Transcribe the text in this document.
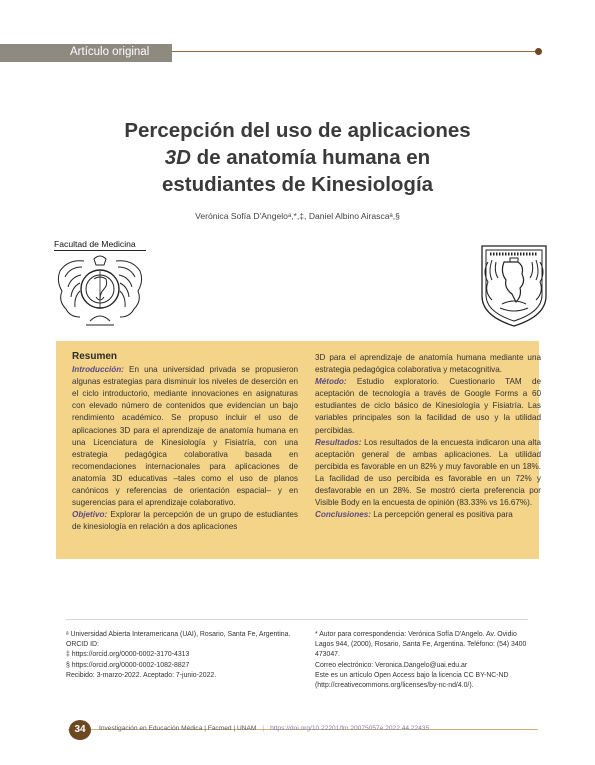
Artículo original
Percepción del uso de aplicaciones
3D de anatomía humana en
estudiantes de Kinesiología
Verónica Sofía D'Angeloᵃ,*,‡, Daniel Albino Airascaᵃ,§
Facultad de Medicina
Resumen

Introducción: En una universidad privada se propusieron algunas estrategias para disminuir los niveles de deserción en el ciclo introductorio, mediante innovaciones en asignaturas con elevado número de contenidos que evidencian un bajo rendimiento académico. Se propuso incluir el uso de aplicaciones 3D para el aprendizaje de anatomía humana en una Licenciatura de Kinesiología y Fisiatría, con una estrategia pedagógica colaborativa basada en recomendaciones internacionales para aplicaciones de anatomía 3D educativas –tales como el uso de planos canónicos y referencias de orientación espacial– y en sugerencias para el aprendizaje colaborativo.

Objetivo: Explorar la percepción de un grupo de estudiantes de kinesiología en relación a dos aplicaciones

3D para el aprendizaje de anatomía humana mediante una estrategia pedagógica colaborativa y metacognitiva.

Método: Estudio exploratorio. Cuestionario TAM de aceptación de tecnología a través de Google Forms a 60 estudiantes de ciclo básico de Kinesiología y Fisiatría. Las variables principales son la facilidad de uso y la utilidad percibidas.

Resultados: Los resultados de la encuesta indicaron una alta aceptación general de ambas aplicaciones. La utilidad percibida es favorable en un 82% y muy favorable en un 18%. La facilidad de uso percibida es favorable en un 72% y desfavorable en un 28%. Se mostró cierta preferencia por Visible Body en la encuesta de opinión (83.33% vs 16.67%).

Conclusiones: La percepción general es positiva para

ᵃ Universidad Abierta Interamericana (UAI), Rosario, Santa Fe, Argentina.

ORCID ID:

‡ https://orcid.org/0000-0002-3170-4313

§ https://orcid.org/0000-0002-1082-8827

Recibido: 3-marzo-2022. Aceptado: 7-junio-2022.

* Autor para correspondencia: Verónica Sofía D'Angelo. Av. Ovidio Lagos 944, (2000), Rosario, Santa Fe, Argentina. Teléfono: (54) 3400 473047.

Correo electrónico: Veronica.Dangelo@uai.edu.ar

Este es un artículo Open Access bajo la licencia CC BY-NC-ND (http://creativecommons.org/licenses/by-nc-nd/4.0/).

34	Investigación en Educación Médica | Facmed | UNAM | https://doi.org/10.22201/fm.20075057e.2022.44.22435
